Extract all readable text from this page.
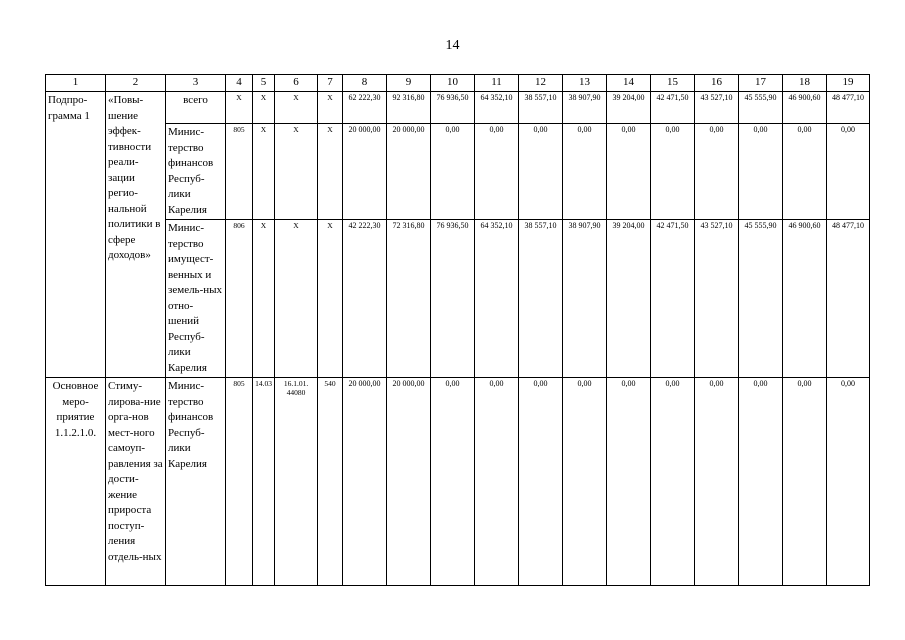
14
1	2	3	4	5	6	7	8	9	10	11	12	13	14	15	16	17	18	19
Подпро-грамма 1	«Повы-шение эффек-тивности реали-зации регио-нальной политики в сфере доходов»	всего	Х	Х	Х	Х	62 222,30	92 316,80	76 936,50	64 352,10	38 557,10	38 907,90	39 204,00	42 471,50	43 527,10	45 555,90	46 900,60	48 477,10
		Минис-терство финансов Респуб-лики Карелия	805	Х	Х	Х	20 000,00	20 000,00	0,00	0,00	0,00	0,00	0,00	0,00	0,00	0,00	0,00	0,00
		Минис-терство имущест-венных и земель-ных отно-шений Респуб-лики Карелия	806	Х	Х	Х	42 222,30	72 316,80	76 936,50	64 352,10	38 557,10	38 907,90	39 204,00	42 471,50	43 527,10	45 555,90	46 900,60	48 477,10
Основное меро-приятие 1.1.2.1.0.	Стиму-лирова-ние орга-нов мест-ного самоуп-равления за дости-жение прироста поступ-ления отдель-ных	Минис-терство финансов Респуб-лики Карелия	805	14.03	16.1.01. 44080	540	20 000,00	20 000,00	0,00	0,00	0,00	0,00	0,00	0,00	0,00	0,00	0,00	0,00
